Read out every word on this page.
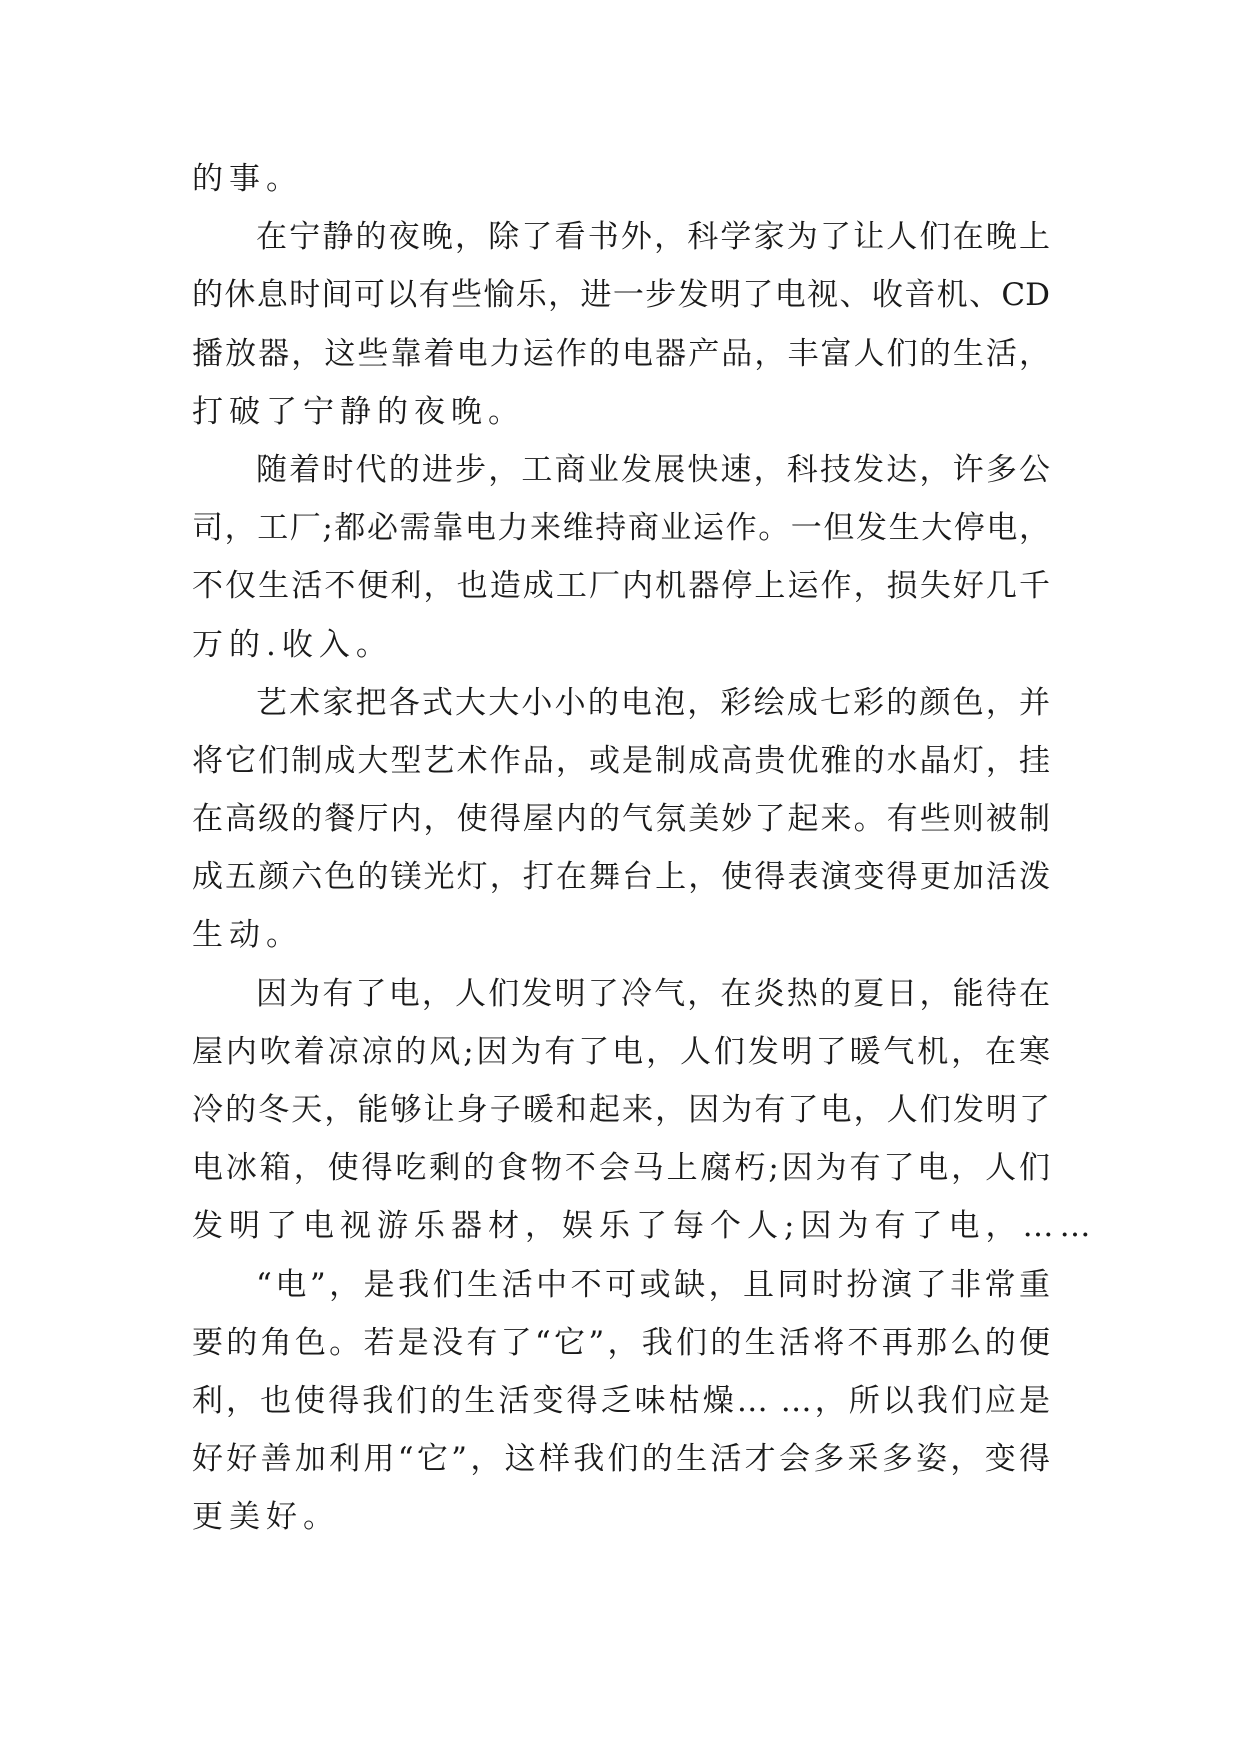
的事。
在宁静的夜晚，除了看书外，科学家为了让人们在晚上
的休息时间可以有些愉乐，进一步发明了电视、收音机、CD
播放器，这些靠着电力运作的电器产品，丰富人们的生活，
打破了宁静的夜晚。
随着时代的进步，工商业发展快速，科技发达，许多公
司，工厂;都必需靠电力来维持商业运作。一但发生大停电，
不仅生活不便利，也造成工厂内机器停上运作，损失好几千
万的.收入。
艺术家把各式大大小小的电泡，彩绘成七彩的颜色，并
将它们制成大型艺术作品，或是制成高贵优雅的水晶灯，挂
在高级的餐厅内，使得屋内的气氛美妙了起来。有些则被制
成五颜六色的镁光灯，打在舞台上，使得表演变得更加活泼
生动。
因为有了电，人们发明了冷气，在炎热的夏日，能待在
屋内吹着凉凉的风;因为有了电，人们发明了暖气机，在寒
冷的冬天，能够让身子暖和起来，因为有了电，人们发明了
电冰箱，使得吃剩的食物不会马上腐朽;因为有了电，人们
发明了电视游乐器材，娱乐了每个人;因为有了电，……
“电”，是我们生活中不可或缺，且同时扮演了非常重
要的角色。若是没有了“它”，我们的生活将不再那么的便
利，也使得我们的生活变得乏味枯燥… …，所以我们应是
好好善加利用“它”，这样我们的生活才会多采多姿，变得
更美好。
